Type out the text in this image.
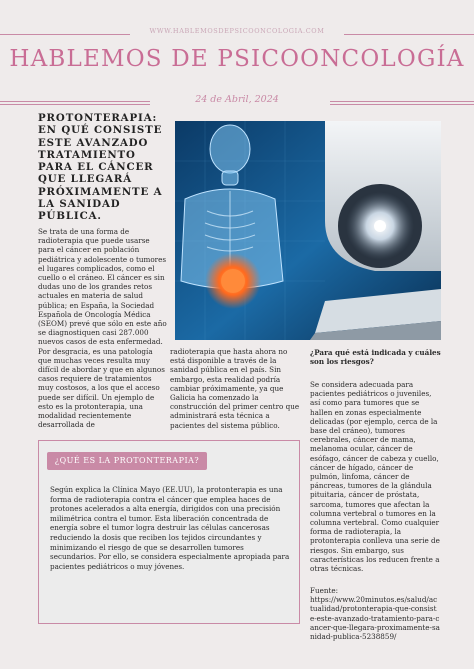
WWW.HABLEMOSDEPSICOONCOLOGIA.COM
HABLEMOS DE PSICOONCOLOGÍA
24 de Abril, 2024
PROTONTERAPIA: EN QUÉ CONSISTE ESTE AVANZADO TRATAMIENTO PARA EL CÁNCER QUE LLEGARÁ PRÓXIMAMENTE A LA SANIDAD PÚBLICA.
Se trata de una forma de radioterapia que puede usarse para el cáncer en población pediátrica y adolescente o tumores el lugares complicados, como el cuello o el cráneo. El cáncer es sin dudas uno de los grandes retos actuales en materia de salud pública; en España, la Sociedad Española de Oncología Médica (SEOM) prevé que sólo en este año se diagnostiquen casi 287.000 nuevos casos de esta enfermedad. Por desgracia, es una patología que muchas veces resulta muy difícil de abordar y que en algunos casos requiere de tratamientos muy costosos, a los que el acceso puede ser difícil. Un ejemplo de esto es la protonterapia, una modalidad recientemente desarrollada de
radioterapia que hasta ahora no está disponible a través de la sanidad pública en el país. Sin embargo, esta realidad podría cambiar próximamente, ya que Galicia ha comenzado la construcción del primer centro que administrará esta técnica a pacientes del sistema público.
¿Para qué está indicada y cuáles son los riesgos?
Se considera adecuada para pacientes pediátricos o juveniles, así como para tumores que se hallen en zonas especialmente delicadas (por ejemplo, cerca de la base del cráneo), tumores cerebrales, cáncer de mama, melanoma ocular, cáncer de esófago, cáncer de cabeza y cuello, cáncer de hígado, cáncer de pulmón, linfoma, cáncer de páncreas, tumores de la glándula pituitaria, cáncer de próstata, sarcoma, tumores que afectan la columna vertebral o tumores en la columna vertebral. Como cualquier forma de radioterapia, la protonterapia conlleva una serie de riesgos. Sin embargo, sus características los reducen frente a otras técnicas.
Fuente:
https://www.20minutos.es/salud/actualidad/protonterapia-que-consiste-este-avanzado-tratamiento-para-cancer-que-llegara-proximamente-sanidad-publica-5238859/
¿QUÉ ES LA PROTONTERAPIA?
Según explica la Clínica Mayo (EE.UU), la protonterapia es una forma de radioterapia contra el cáncer que emplea haces de protones acelerados a alta energía, dirigidos con una precisión milimétrica contra el tumor. Esta liberación concentrada de energía sobre el tumor logra destruir las células cancerosas reduciendo la dosis que reciben los tejidos circundantes y minimizando el riesgo de que se desarrollen tumores secundarios. Por ello, se considera especialmente apropiada para pacientes pediátricos o muy jóvenes.
